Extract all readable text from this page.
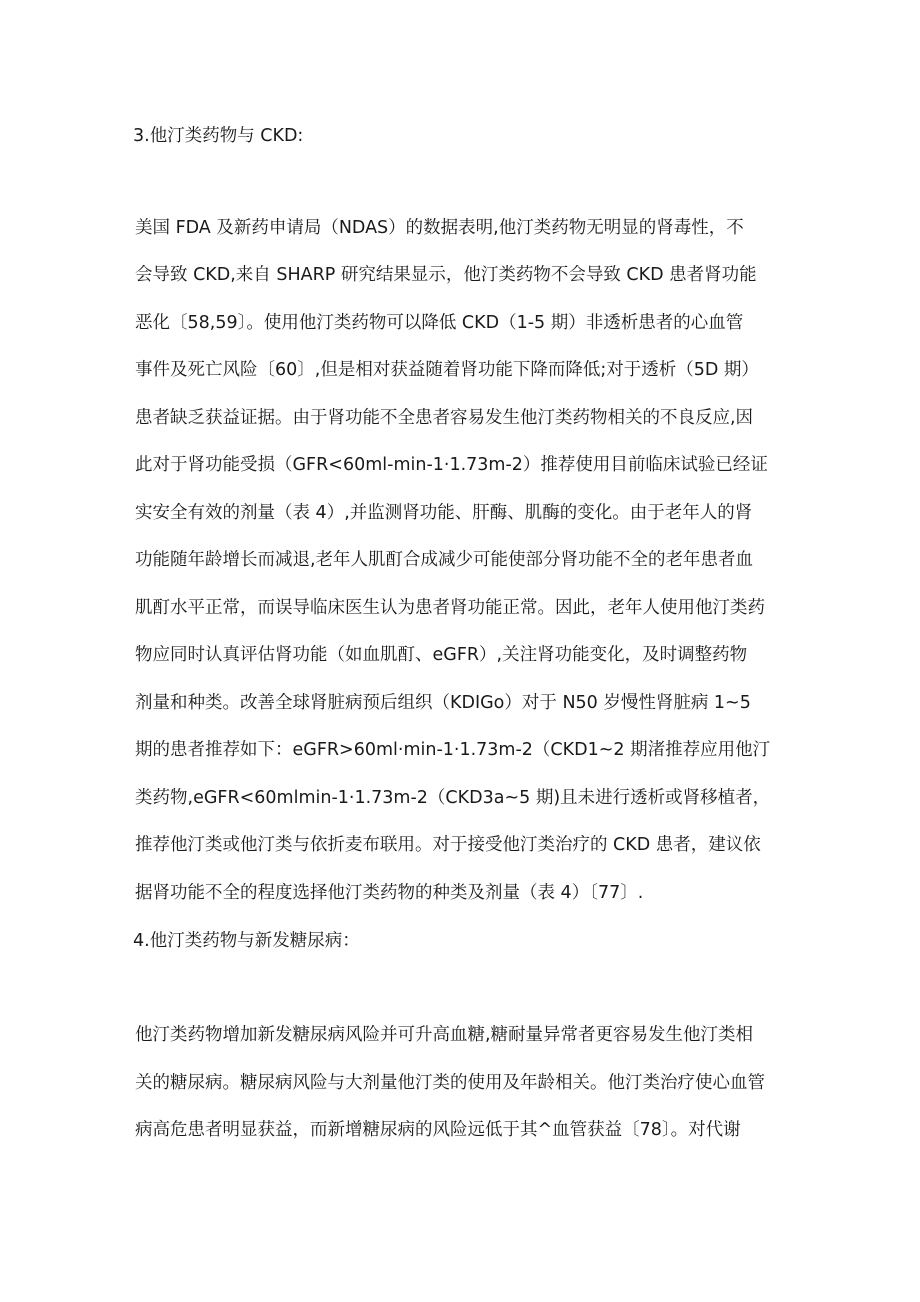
3.他汀类药物与 CKD:
美国 FDA 及新药申请局（NDAS）的数据表明,他汀类药物无明显的肾毒性，不
会导致 CKD,来自 SHARP 研究结果显示，他汀类药物不会导致 CKD 患者肾功能
恶化〔58,59〕。使用他汀类药物可以降低 CKD（1-5 期）非透析患者的心血管
事件及死亡风险〔60〕,但是相对获益随着肾功能下降而降低;对于透析（5D 期）
患者缺乏获益证据。由于肾功能不全患者容易发生他汀类药物相关的不良反应,因
此对于肾功能受损（GFR<60ml-min-1·1.73m-2）推荐使用目前临床试验已经证
实安全有效的剂量（表 4）,并监测肾功能、肝酶、肌酶的变化。由于老年人的肾
功能随年龄增长而减退,老年人肌酊合成减少可能使部分肾功能不全的老年患者血
肌酊水平正常，而误导临床医生认为患者肾功能正常。因此，老年人使用他汀类药
物应同时认真评估肾功能（如血肌酊、eGFR）,关注肾功能变化，及时调整药物
剂量和种类。改善全球肾脏病预后组织（KDIGo）对于 N50 岁慢性肾脏病 1~5
期的患者推荐如下：eGFR>60ml·min-1·1.73m-2（CKD1~2 期渚推荐应用他汀
类药物,eGFR<60mlmin-1·1.73m-2（CKD3a~5 期)且未进行透析或肾移植者，
推荐他汀类或他汀类与依折麦布联用。对于接受他汀类治疗的 CKD 患者，建议依
据肾功能不全的程度选择他汀类药物的种类及剂量（表 4）〔77〕.
4.他汀类药物与新发糖尿病：
他汀类药物增加新发糖尿病风险并可升高血糖,糖耐量异常者更容易发生他汀类相
关的糖尿病。糖尿病风险与大剂量他汀类的使用及年龄相关。他汀类治疗使心血管
病高危患者明显获益，而新增糖尿病的风险远低于其^血管获益〔78〕。对代谢
